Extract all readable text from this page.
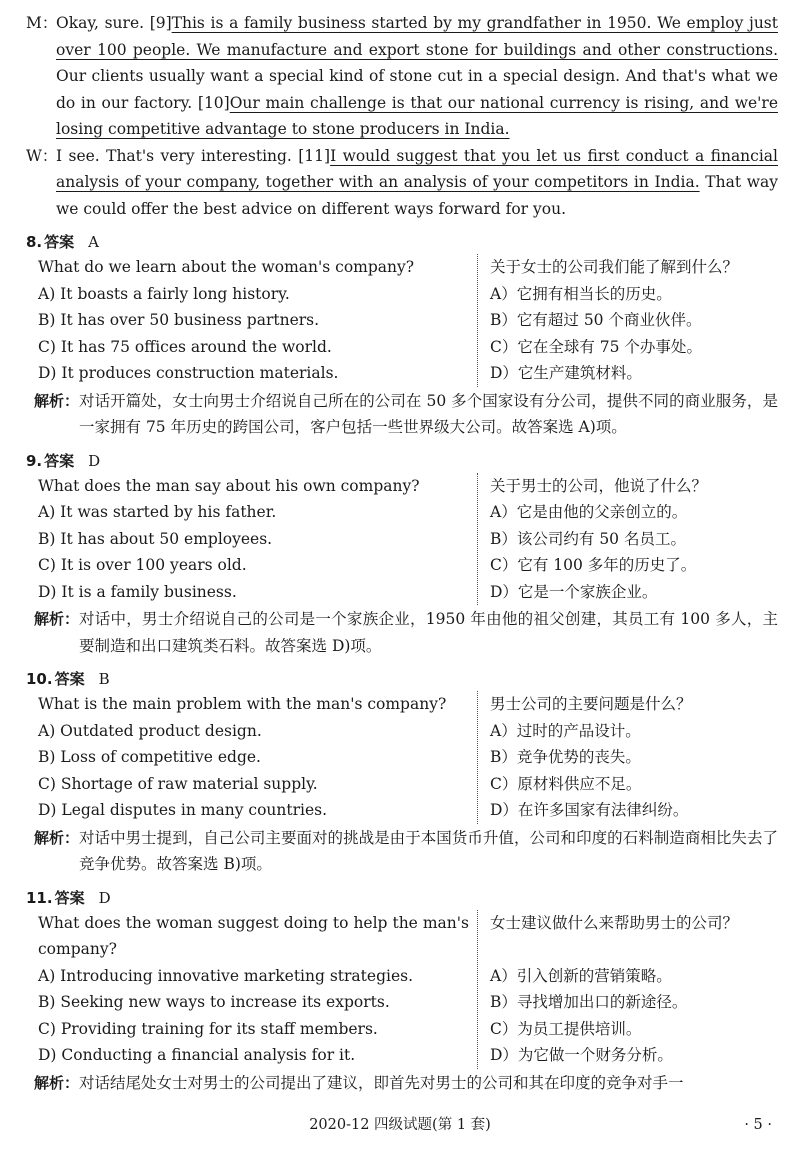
M：
Okay, sure. [9]This is a family business started by my grandfather in 1950. We employ just over 100 people. We manufacture and export stone for buildings and other constructions. Our clients usually want a special kind of stone cut in a special design. And that's what we do in our factory. [10]Our main challenge is that our national currency is rising, and we're losing competitive advantage to stone producers in India.
W：
I see. That's very interesting. [11]I would suggest that you let us first conduct a financial analysis of your company, together with an analysis of your competitors in India. That way we could offer the best advice on different ways forward for you.
8. 答案 A
What do we learn about the woman's company?
A) It boasts a fairly long history.
B) It has over 50 business partners.
C) It has 75 offices around the world.
D) It produces construction materials.
关于女士的公司我们能了解到什么？
A）它拥有相当长的历史。
B）它有超过 50 个商业伙伴。
C）它在全球有 75 个办事处。
D）它生产建筑材料。
解析： 对话开篇处，女士向男士介绍说自己所在的公司在 50 多个国家设有分公司，提供不同的商业服务，是一家拥有 75 年历史的跨国公司，客户包括一些世界级大公司。故答案选 A)项。
9. 答案 D
What does the man say about his own company?
A) It was started by his father.
B) It has about 50 employees.
C) It is over 100 years old.
D) It is a family business.
关于男士的公司，他说了什么？
A）它是由他的父亲创立的。
B）该公司约有 50 名员工。
C）它有 100 多年的历史了。
D）它是一个家族企业。
解析： 对话中，男士介绍说自己的公司是一个家族企业，1950 年由他的祖父创建，其员工有 100 多人，主要制造和出口建筑类石料。故答案选 D)项。
10. 答案 B
What is the main problem with the man's company?
A) Outdated product design.
B) Loss of competitive edge.
C) Shortage of raw material supply.
D) Legal disputes in many countries.
男士公司的主要问题是什么？
A）过时的产品设计。
B）竞争优势的丧失。
C）原材料供应不足。
D）在许多国家有法律纠纷。
解析： 对话中男士提到，自己公司主要面对的挑战是由于本国货币升值，公司和印度的石料制造商相比失去了竞争优势。故答案选 B)项。
11. 答案 D
What does the woman suggest doing to help the man's company?
A) Introducing innovative marketing strategies.
B) Seeking new ways to increase its exports.
C) Providing training for its staff members.
D) Conducting a financial analysis for it.
女士建议做什么来帮助男士的公司？
A）引入创新的营销策略。
B）寻找增加出口的新途径。
C）为员工提供培训。
D）为它做一个财务分析。
解析： 对话结尾处女士对男士的公司提出了建议，即首先对男士的公司和其在印度的竞争对手一
2020-12 四级试题(第 1 套)	· 5 ·
